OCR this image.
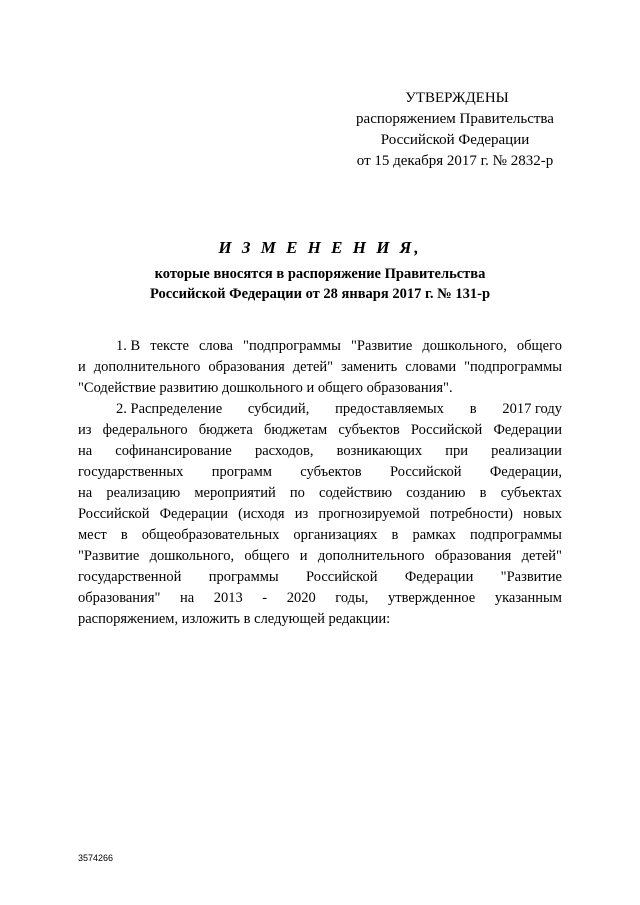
УТВЕРЖДЕНЫ
распоряжением Правительства
Российской Федерации
от 15 декабря 2017 г. № 2832-р
И З М Е Н Е Н И Я,
которые вносятся в распоряжение Правительства
Российской Федерации от 28 января 2017 г. № 131-р
1. В тексте слова "подпрограммы "Развитие дошкольного, общего
и дополнительного образования детей" заменить словами "подпрограммы
"Содействие развитию дошкольного и общего образования".
2. Распределение субсидий, предоставляемых в 2017 году
из федерального бюджета бюджетам субъектов Российской Федерации
на софинансирование расходов, возникающих при реализации
государственных программ субъектов Российской Федерации,
на реализацию мероприятий по содействию созданию в субъектах
Российской Федерации (исходя из прогнозируемой потребности) новых
мест в общеобразовательных организациях в рамках подпрограммы
"Развитие дошкольного, общего и дополнительного образования детей"
государственной программы Российской Федерации "Развитие
образования" на 2013 - 2020 годы, утвержденное указанным
распоряжением, изложить в следующей редакции:
3574266
